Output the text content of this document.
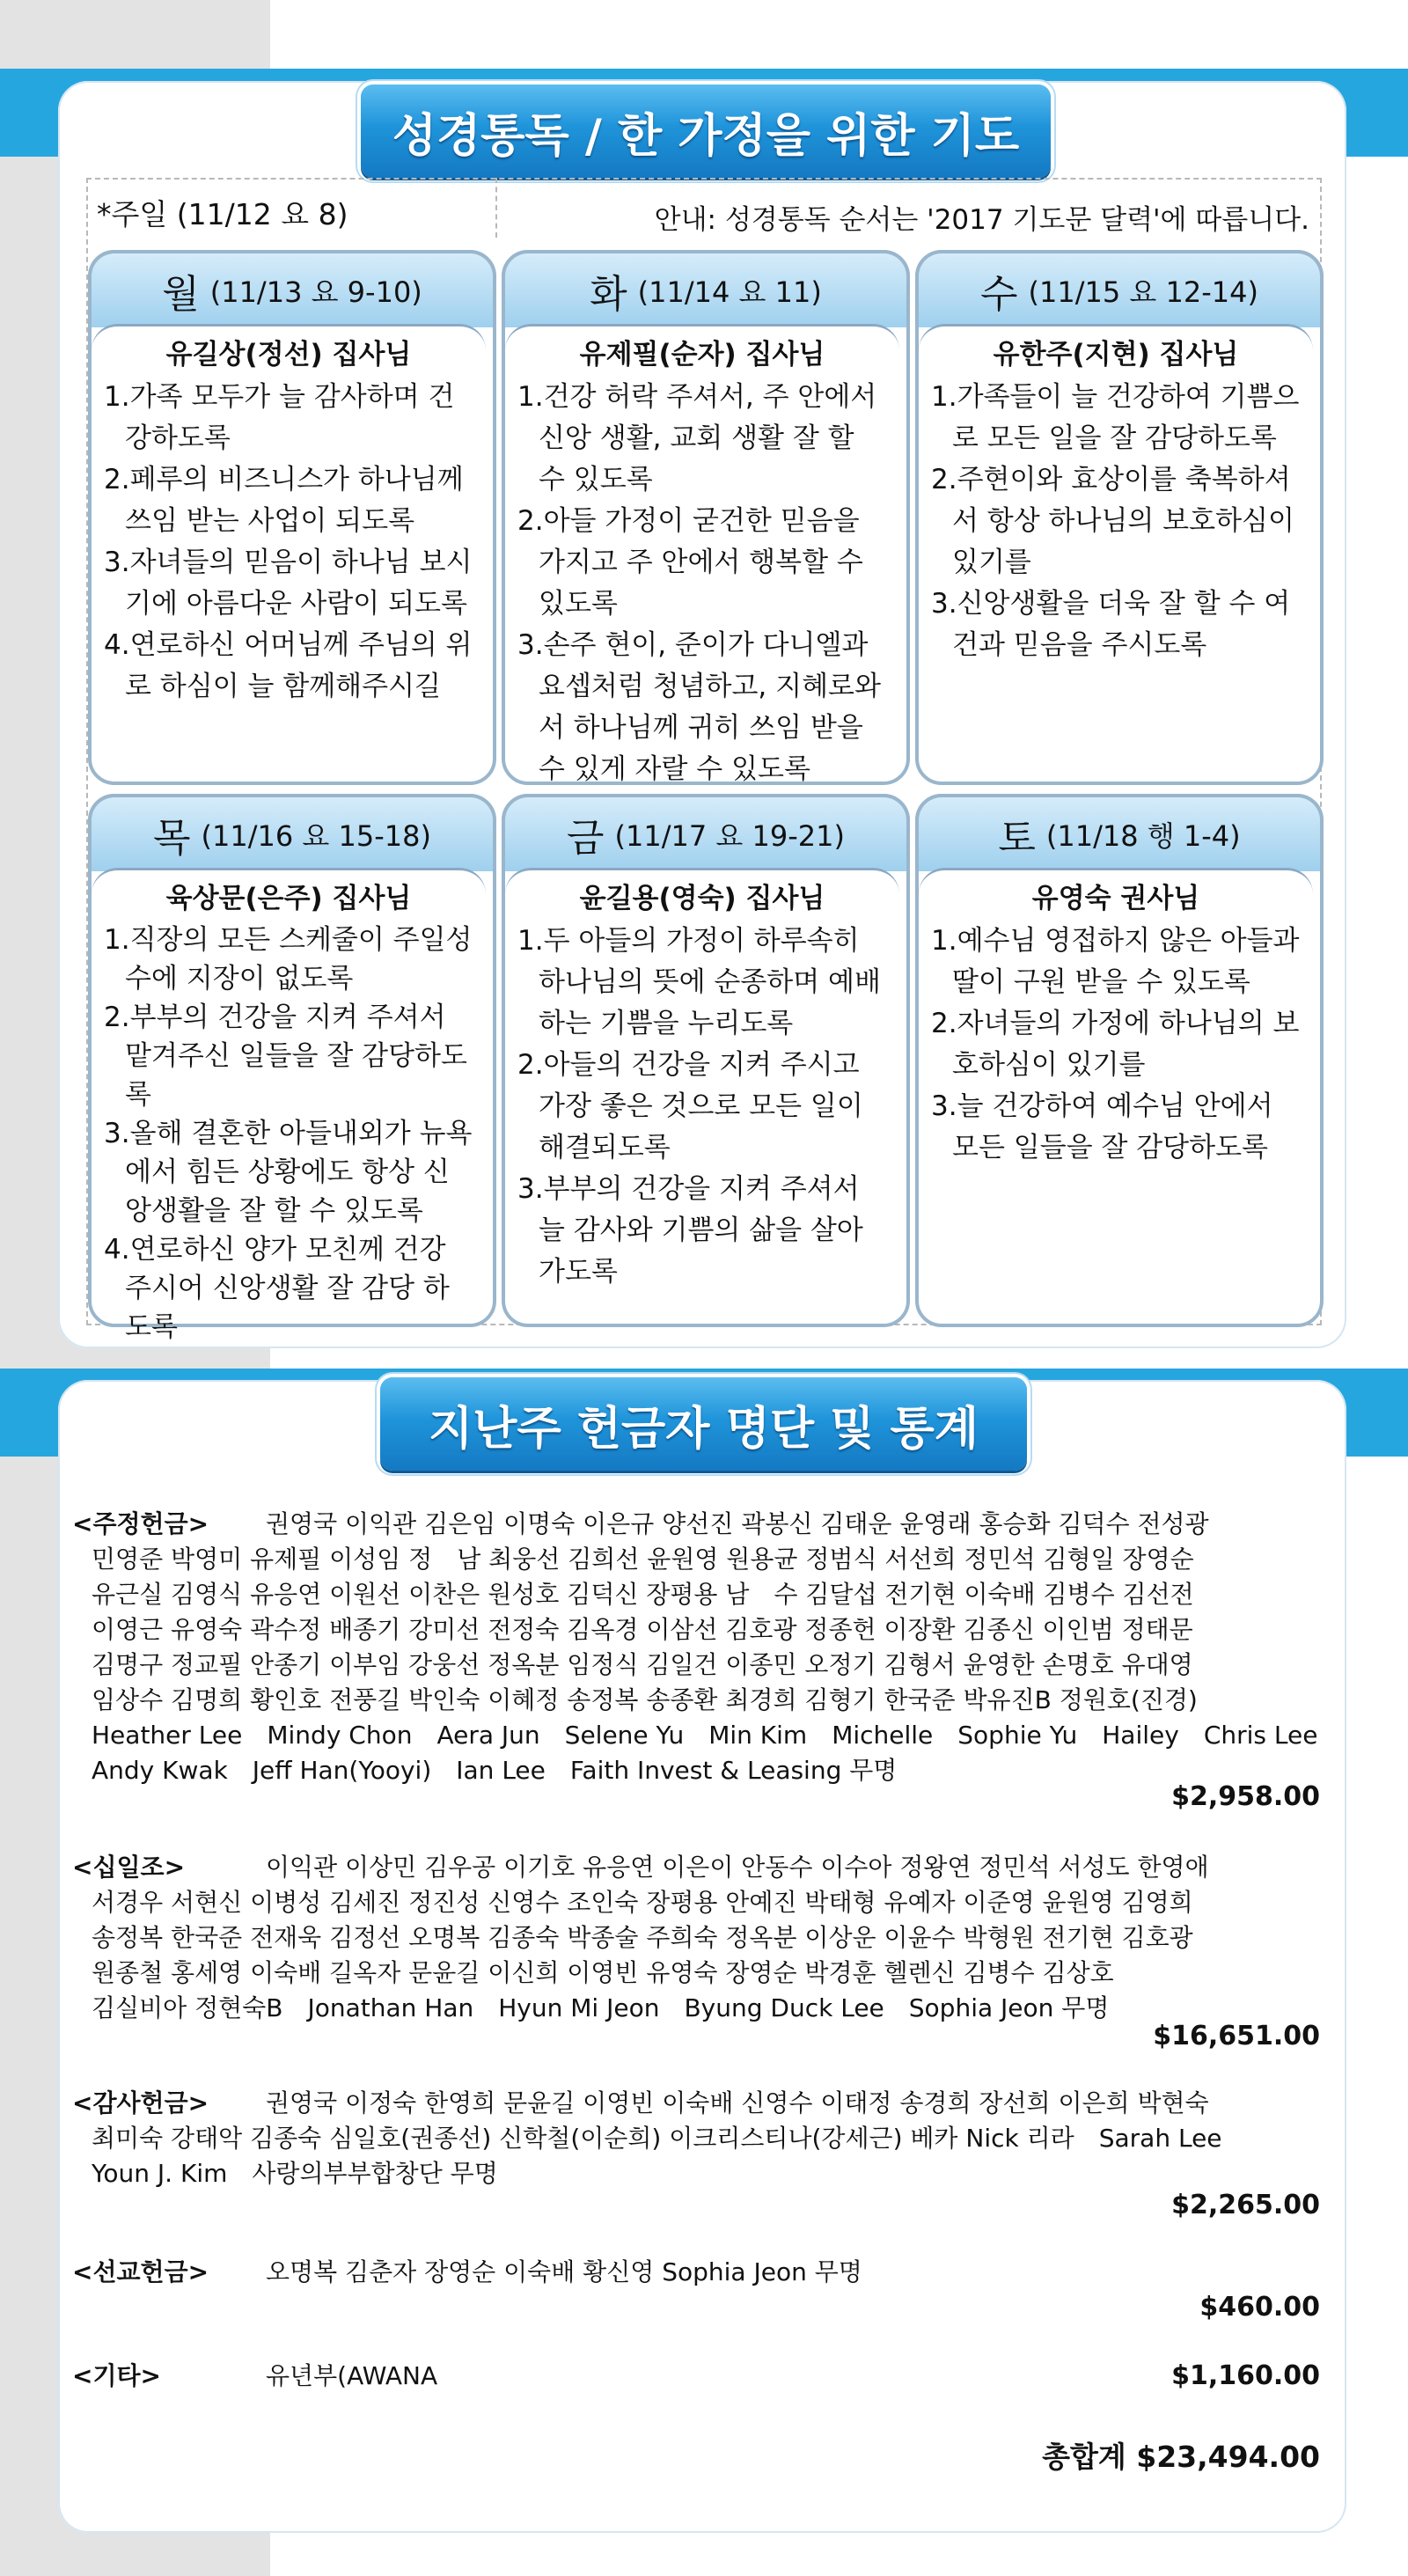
성경통독 / 한 가정을 위한 기도
*주일 (11/12 요 8)	안내: 성경통독 순서는 '2017 기도문 달력'에 따릅니다.
월 (11/13 요 9-10)
유길상(정선) 집사님
1.가족 모두가 늘 감사하며 건강하도록
2.페루의 비즈니스가 하나님께 쓰임 받는 사업이 되도록
3.자녀들의 믿음이 하나님 보시기에 아름다운 사람이 되도록
4.연로하신 어머님께 주님의 위로 하심이 늘 함께해주시길
화 (11/14 요 11)
유제필(순자) 집사님
1.건강 허락 주셔서, 주 안에서 신앙 생활, 교회 생활 잘 할 수 있도록
2.아들 가정이 굳건한 믿음을 가지고 주 안에서 행복할 수 있도록
3.손주 현이, 준이가 다니엘과 요셉처럼 청념하고, 지혜로와서 하나님께 귀히 쓰임 받을 수 있게 자랄 수 있도록
수 (11/15 요 12-14)
유한주(지현) 집사님
1.가족들이 늘 건강하여 기쁨으로 모든 일을 잘 감당하도록
2.주현이와 효상이를 축복하셔서 항상 하나님의 보호하심이 있기를
3.신앙생활을 더욱 잘 할 수 여건과 믿음을 주시도록
목 (11/16 요 15-18)
육상문(은주) 집사님
1.직장의 모든 스케줄이 주일성수에 지장이 없도록
2.부부의 건강을 지켜 주셔서 맡겨주신 일들을 잘 감당하도록
3.올해 결혼한 아들내외가 뉴욕에서 힘든 상황에도 항상 신앙생활을 잘 할 수 있도록
4.연로하신 양가 모친께 건강 주시어 신앙생활 잘 감당 하도록
금 (11/17 요 19-21)
윤길용(영숙) 집사님
1.두 아들의 가정이 하루속히 하나님의 뜻에 순종하며 예배하는 기쁨을 누리도록
2.아들의 건강을 지켜 주시고 가장 좋은 것으로 모든 일이 해결되도록
3.부부의 건강을 지켜 주셔서 늘 감사와 기쁨의 삶을 살아가도록
토 (11/18 행 1-4)
유영숙 권사님
1.예수님 영접하지 않은 아들과 딸이 구원 받을 수 있도록
2.자녀들의 가정에 하나님의 보호하심이 있기를
3.늘 건강하여 예수님 안에서 모든 일들을 잘 감당하도록
지난주 헌금자 명단 및 통계
<주정헌금> 권영국 이익관 김은임 이명숙 이은규 양선진 곽봉신 김태운 윤영래 홍승화 김덕수 전성광
민영준 박영미 유제필 이성임 정　남 최웅선 김희선 윤원영 원용균 정범식 서선희 정민석 김형일 장영순
유근실 김영식 유응연 이원선 이찬은 원성호 김덕신 장평용 남　수 김달섭 전기현 이숙배 김병수 김선전
이영근 유영숙 곽수정 배종기 강미선 전정숙 김옥경 이삼선 김호광 정종헌 이장환 김종신 이인범 정태문
김명구 정교필 안종기 이부임 강웅선 정옥분 임정식 김일건 이종민 오정기 김형서 윤영한 손명호 유대영
임상수 김명희 황인호 전풍길 박인숙 이혜정 송정복 송종환 최경희 김형기 한국준 박유진B 정원호(진경)
Heather Lee　Mindy Chon　Aera Jun　Selene Yu　Min Kim　Michelle　Sophie Yu　Hailey　Chris Lee
Andy Kwak　Jeff Han(Yooyi)　Ian Lee　Faith Invest & Leasing 무명
$2,958.00
<십일조>	이익관 이상민 김우공 이기호 유응연 이은이 안동수 이수아 정왕연 정민석 서성도 한영애
서경우 서현신 이병성 김세진 정진성 신영수 조인숙 장평용 안예진 박태형 유예자 이준영 윤원영 김영희
송정복 한국준 전재욱 김정선 오명복 김종숙 박종술 주희숙 정옥분 이상운 이윤수 박형원 전기현 김호광
원종철 홍세영 이숙배 길옥자 문윤길 이신희 이영빈 유영숙 장영순 박경훈 헬렌신 김병수 김상호
김실비아 정현숙B　Jonathan Han　Hyun Mi Jeon　Byung Duck Lee　Sophia Jeon 무명
$16,651.00
<감사헌금> 권영국 이정숙 한영희 문윤길 이영빈 이숙배 신영수 이태정 송경희 장선희 이은희 박현숙
최미숙 강태악 김종숙 심일호(권종선) 신학철(이순희) 이크리스티나(강세근) 베카 Nick 리라　Sarah Lee
Youn J. Kim　사랑의부부합창단 무명
$2,265.00
<선교헌금> 오명복 김춘자 장영순 이숙배 황신영 Sophia Jeon 무명
$460.00
<기타>	유년부(AWANA	$1,160.00
총합계 $23,494.00
